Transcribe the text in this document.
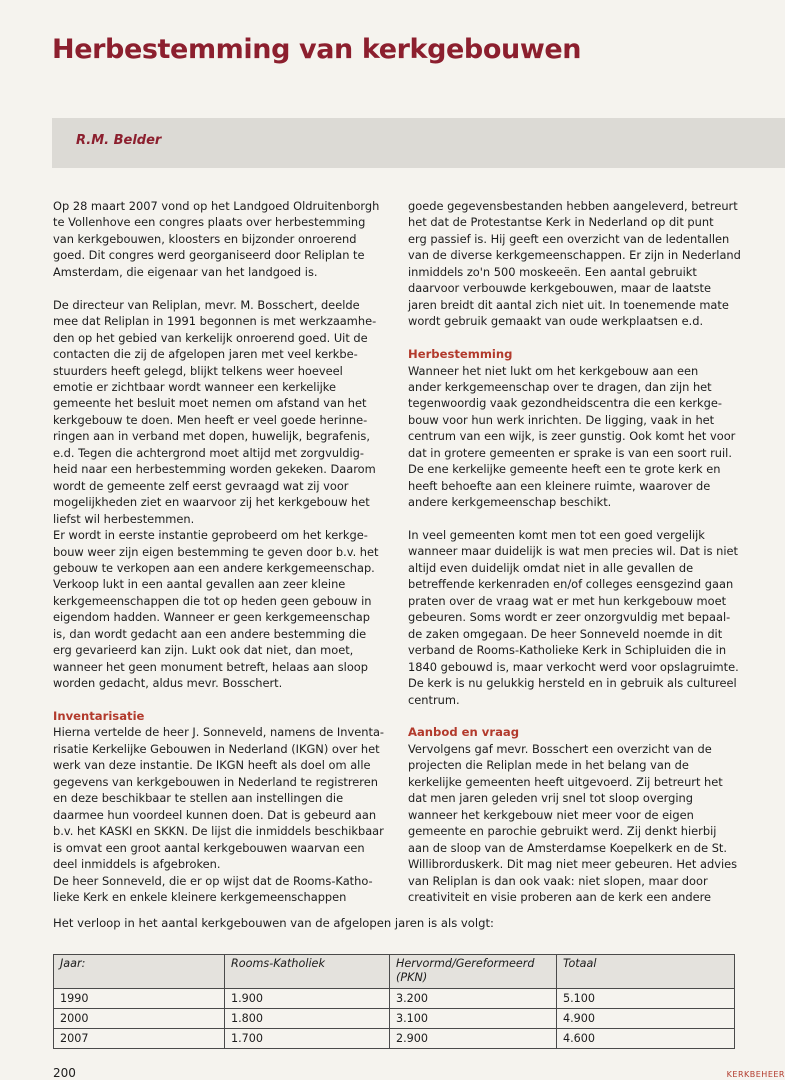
Herbestemming van kerkgebouwen
R.M. Belder

Op 28 maart 2007 vond op het Landgoed Oldruitenborgh
te Vollenhove een congres plaats over herbestemming
van kerkgebouwen, kloosters en bijzonder onroerend
goed. Dit congres werd georganiseerd door Reliplan te
Amsterdam, die eigenaar van het landgoed is.

De directeur van Reliplan, mevr. M. Bosschert, deelde
mee dat Reliplan in 1991 begonnen is met werkzaamhe-
den op het gebied van kerkelijk onroerend goed. Uit de
contacten die zij de afgelopen jaren met veel kerkbe-
stuurders heeft gelegd, blijkt telkens weer hoeveel
emotie er zichtbaar wordt wanneer een kerkelijke
gemeente het besluit moet nemen om afstand van het
kerkgebouw te doen. Men heeft er veel goede herinne-
ringen aan in verband met dopen, huwelijk, begrafenis,
e.d. Tegen die achtergrond moet altijd met zorgvuldig-
heid naar een herbestemming worden gekeken. Daarom
wordt de gemeente zelf eerst gevraagd wat zij voor
mogelijkheden ziet en waarvoor zij het kerkgebouw het
liefst wil herbestemmen.

Er wordt in eerste instantie geprobeerd om het kerkge-
bouw weer zijn eigen bestemming te geven door b.v. het
gebouw te verkopen aan een andere kerkgemeenschap.
Verkoop lukt in een aantal gevallen aan zeer kleine
kerkgemeenschappen die tot op heden geen gebouw in
eigendom hadden. Wanneer er geen kerkgemeenschap
is, dan wordt gedacht aan een andere bestemming die
erg gevarieerd kan zijn. Lukt ook dat niet, dan moet,
wanneer het geen monument betreft, helaas aan sloop
worden gedacht, aldus mevr. Bosschert.

Inventarisatie

Hierna vertelde de heer J. Sonneveld, namens de Inventa-
risatie Kerkelijke Gebouwen in Nederland (IKGN) over het
werk van deze instantie. De IKGN heeft als doel om alle
gegevens van kerkgebouwen in Nederland te registreren
en deze beschikbaar te stellen aan instellingen die
daarmee hun voordeel kunnen doen. Dat is gebeurd aan
b.v. het KASKI en SKKN. De lijst die inmiddels beschikbaar
is omvat een groot aantal kerkgebouwen waarvan een
deel inmiddels is afgebroken.

De heer Sonneveld, die er op wijst dat de Rooms-Katho-
lieke Kerk en enkele kleinere kerkgemeenschappen

goede gegevensbestanden hebben aangeleverd, betreurt
het dat de Protestantse Kerk in Nederland op dit punt
erg passief is. Hij geeft een overzicht van de ledentallen
van de diverse kerkgemeenschappen. Er zijn in Nederland
inmiddels zo'n 500 moskeeën. Een aantal gebruikt
daarvoor verbouwde kerkgebouwen, maar de laatste
jaren breidt dit aantal zich niet uit. In toenemende mate
wordt gebruik gemaakt van oude werkplaatsen e.d.

Herbestemming

Wanneer het niet lukt om het kerkgebouw aan een
ander kerkgemeenschap over te dragen, dan zijn het
tegenwoordig vaak gezondheidscentra die een kerkge-
bouw voor hun werk inrichten. De ligging, vaak in het
centrum van een wijk, is zeer gunstig. Ook komt het voor
dat in grotere gemeenten er sprake is van een soort ruil.
De ene kerkelijke gemeente heeft een te grote kerk en
heeft behoefte aan een kleinere ruimte, waarover de
andere kerkgemeenschap beschikt.

In veel gemeenten komt men tot een goed vergelijk
wanneer maar duidelijk is wat men precies wil. Dat is niet
altijd even duidelijk omdat niet in alle gevallen de
betreffende kerkenraden en/of colleges eensgezind gaan
praten over de vraag wat er met hun kerkgebouw moet
gebeuren. Soms wordt er zeer onzorgvuldig met bepaal-
de zaken omgegaan. De heer Sonneveld noemde in dit
verband de Rooms-Katholieke Kerk in Schipluiden die in
1840 gebouwd is, maar verkocht werd voor opslagruimte.
De kerk is nu gelukkig hersteld en in gebruik als cultureel
centrum.

Aanbod en vraag

Vervolgens gaf mevr. Bosschert een overzicht van de
projecten die Reliplan mede in het belang van de
kerkelijke gemeenten heeft uitgevoerd. Zij betreurt het
dat men jaren geleden vrij snel tot sloop overging
wanneer het kerkgebouw niet meer voor de eigen
gemeente en parochie gebruikt werd. Zij denkt hierbij
aan de sloop van de Amsterdamse Koepelkerk en de St.
Willibrorduskerk. Dit mag niet meer gebeuren. Het advies
van Reliplan is dan ook vaak: niet slopen, maar door
creativiteit en visie proberen aan de kerk een andere

Het verloop in het aantal kerkgebouwen van de afgelopen jaren is als volgt:
Jaar:	Rooms-Katholiek	Hervormd/Gereformeerd (PKN)	Totaal
1990	1.900	3.200	5.100
2000	1.800	3.100	4.900
2007	1.700	2.900	4.600
200	KERKBEHEER
